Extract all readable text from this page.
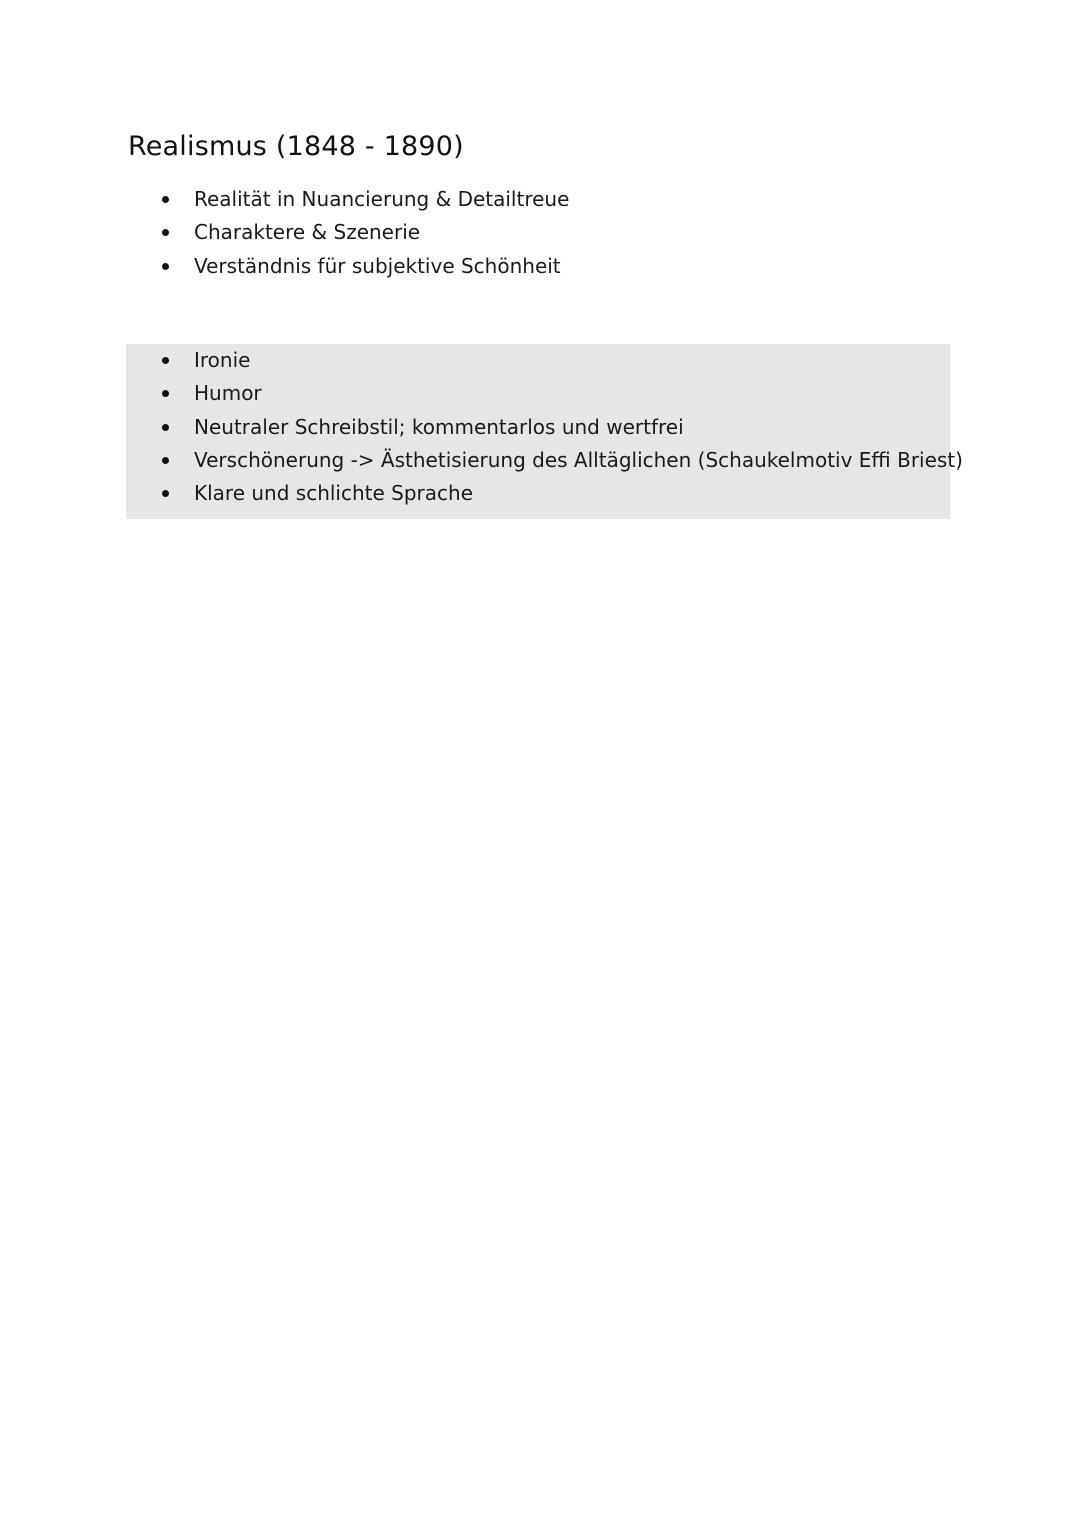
Realismus (1848 - 1890)
Realität in Nuancierung & Detailtreue
Charaktere & Szenerie
Verständnis für subjektive Schönheit
Ironie
Humor
Neutraler Schreibstil; kommentarlos und wertfrei
Verschönerung -> Ästhetisierung des Alltäglichen (Schaukelmotiv Effi Briest)
Klare und schlichte Sprache
